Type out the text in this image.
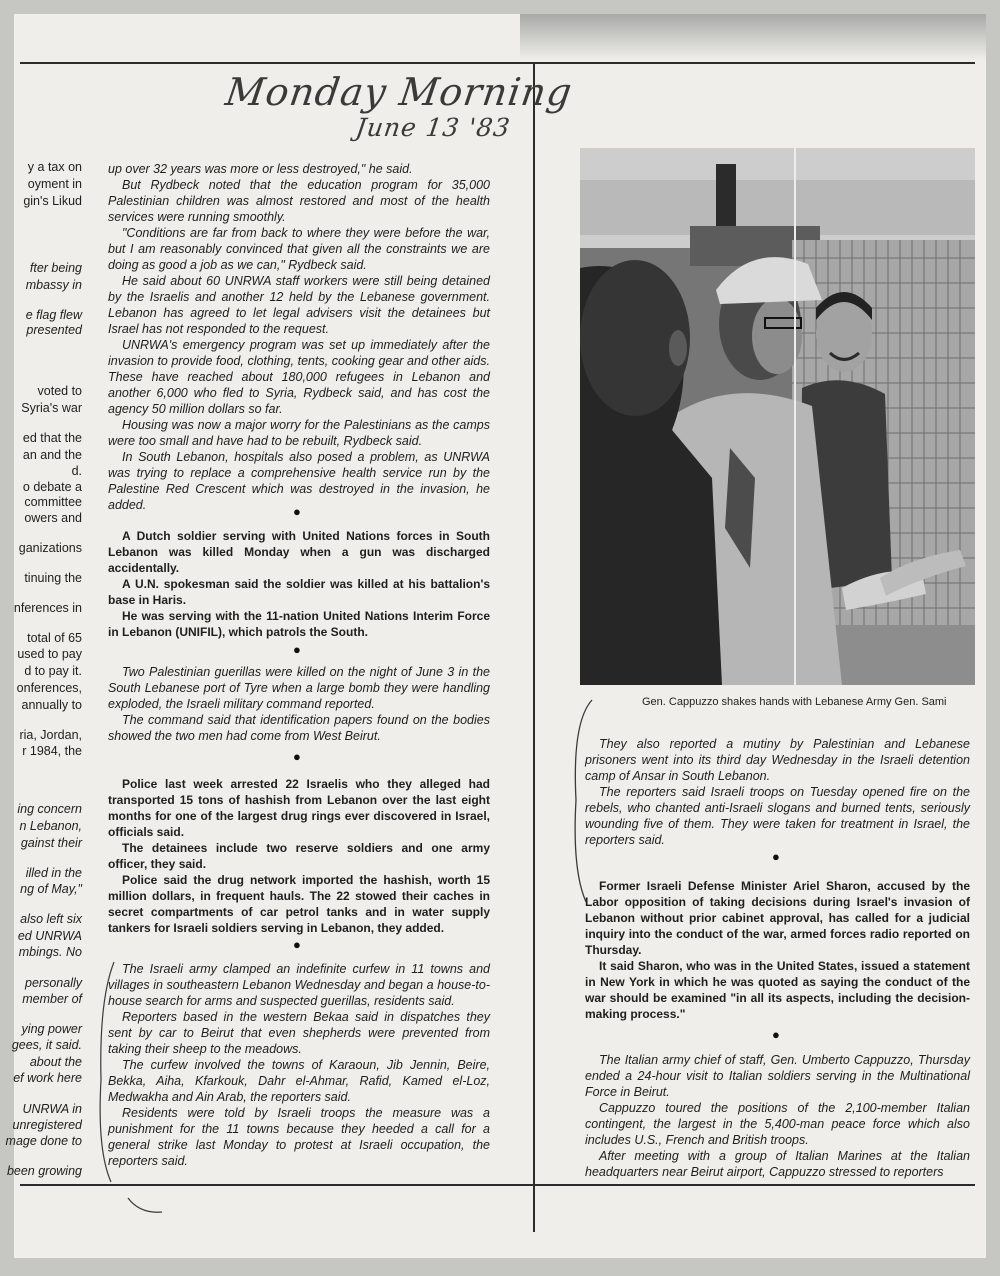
Monday Morning
June 13 '83
y a tax on
oyment in
gin's Likud
fter being
mbassy in
e flag flew
presented
voted to
Syria's war
ed that the
an and the
d.
o debate a
committee
owers and
ganizations
tinuing the
nferences in
total of 65
used to pay
d to pay it.
onferences,
annually to
ria, Jordan,
r 1984, the
ing concern
n Lebanon,
gainst their
illed in the
ng of May,"
also left six
ed UNRWA
mbings. No
personally
member of
ying power
gees, it said.
about the
ef work here
UNRWA in
unregistered
mage done to
been growing

up over 32 years was more or less destroyed," he said.

But Rydbeck noted that the education program for 35,000 Palestinian children was almost restored and most of the health services were running smoothly.

"Conditions are far from back to where they were before the war, but I am reasonably convinced that given all the constraints we are doing as good a job as we can," Rydbeck said.

He said about 60 UNRWA staff workers were still being detained by the Israelis and another 12 held by the Lebanese government. Lebanon has agreed to let legal advisers visit the detainees but Israel has not responded to the request.

UNRWA's emergency program was set up immediately after the invasion to provide food, clothing, tents, cooking gear and other aids. These have reached about 180,000 refugees in Lebanon and another 6,000 who fled to Syria, Rydbeck said, and has cost the agency 50 million dollars so far.

Housing was now a major worry for the Palestinians as the camps were too small and have had to be rebuilt, Rydbeck said.

In South Lebanon, hospitals also posed a problem, as UNRWA was trying to replace a comprehensive health service run by the Palestine Red Crescent which was destroyed in the invasion, he added.	●

A Dutch soldier serving with United Nations forces in South Lebanon was killed Monday when a gun was discharged accidentally.

A U.N. spokesman said the soldier was killed at his battalion's base in Haris.

He was serving with the 11-nation United Nations Interim Force in Lebanon (UNIFIL), which patrols the South.

●

Two Palestinian guerillas were killed on the night of June 3 in the South Lebanese port of Tyre when a large bomb they were handling exploded, the Israeli military command reported.

The command said that identification papers found on the bodies showed the two men had come from West Beirut.

●

Police last week arrested 22 Israelis who they alleged had transported 15 tons of hashish from Lebanon over the last eight months for one of the largest drug rings ever discovered in Israel, officials said.

The detainees include two reserve soldiers and one army officer, they said.

Police said the drug network imported the hashish, worth 15 million dollars, in frequent hauls. The 22 stowed their caches in secret compartments of car petrol tanks and in water supply tankers for Israeli soldiers serving in Lebanon, they added.

●

The Israeli army clamped an indefinite curfew in 11 towns and villages in southeastern Lebanon Wednesday and began a house-to-house search for arms and suspected guerillas, residents said.

Reporters based in the western Bekaa said in dispatches they sent by car to Beirut that even shepherds were prevented from taking their sheep to the meadows.

The curfew involved the towns of Karaoun, Jib Jennin, Beire, Bekka, Aiha, Kfarkouk, Dahr el-Ahmar, Rafid, Kamed el-Loz, Medwakha and Ain Arab, the reporters said.

Residents were told by Israeli troops the measure was a punishment for the 11 towns because they heeded a call for a general strike last Monday to protest at Israeli occupation, the reporters said.

Gen. Cappuzzo shakes hands with Lebanese Army Gen. Sami

They also reported a mutiny by Palestinian and Lebanese prisoners went into its third day Wednesday in the Israeli detention camp of Ansar in South Lebanon.

The reporters said Israeli troops on Tuesday opened fire on the rebels, who chanted anti-Israeli slogans and burned tents, seriously wounding five of them. They were taken for treatment in Israel, the reporters said.

●

Former Israeli Defense Minister Ariel Sharon, accused by the Labor opposition of taking decisions during Israel's invasion of Lebanon without prior cabinet approval, has called for a judicial inquiry into the conduct of the war, armed forces radio reported on Thursday.

It said Sharon, who was in the United States, issued a statement in New York in which he was quoted as saying the conduct of the war should be examined "in all its aspects, including the decision-making process."

●

The Italian army chief of staff, Gen. Umberto Cappuzzo, Thursday ended a 24-hour visit to Italian soldiers serving in the Multinational Force in Beirut.

Cappuzzo toured the positions of the 2,100-member Italian contingent, the largest in the 5,400-man peace force which also includes U.S., French and British troops.

After meeting with a group of Italian Marines at the Italian headquarters near Beirut airport, Cappuzzo stressed to reporters
